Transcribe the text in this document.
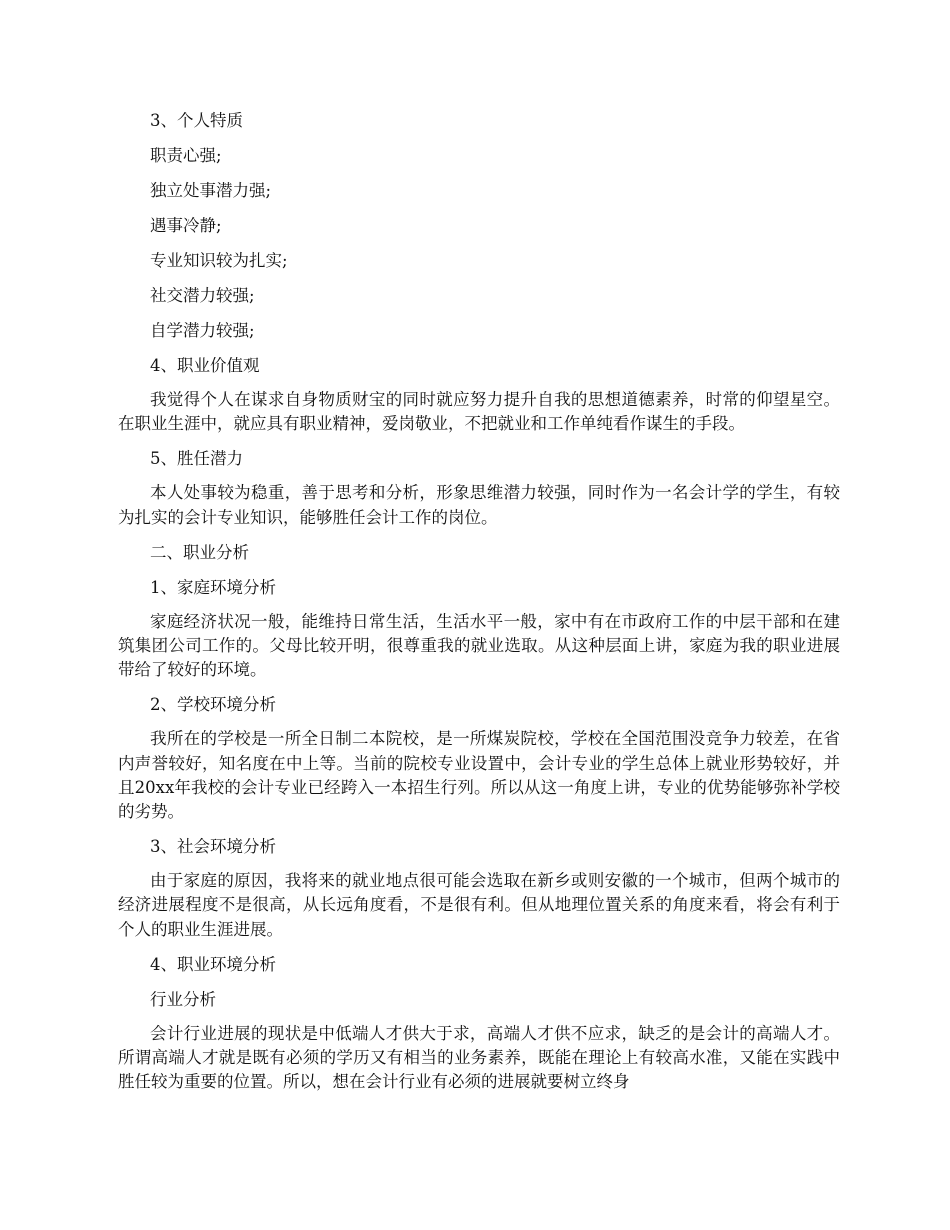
3、个人特质
职责心强;
独立处事潜力强;
遇事冷静;
专业知识较为扎实;
社交潜力较强;
自学潜力较强;
4、职业价值观
我觉得个人在谋求自身物质财宝的同时就应努力提升自我的思想道德素养，时常的仰望星空。在职业生涯中，就应具有职业精神，爱岗敬业，不把就业和工作单纯看作谋生的手段。
5、胜任潜力
本人处事较为稳重，善于思考和分析，形象思维潜力较强，同时作为一名会计学的学生，有较为扎实的会计专业知识，能够胜任会计工作的岗位。
二、职业分析
1、家庭环境分析
家庭经济状况一般，能维持日常生活，生活水平一般，家中有在市政府工作的中层干部和在建筑集团公司工作的。父母比较开明，很尊重我的就业选取。从这种层面上讲，家庭为我的职业进展带给了较好的环境。
2、学校环境分析
我所在的学校是一所全日制二本院校，是一所煤炭院校，学校在全国范围没竞争力较差，在省内声誉较好，知名度在中上等。当前的院校专业设置中，会计专业的学生总体上就业形势较好，并且20xx年我校的会计专业已经跨入一本招生行列。所以从这一角度上讲，专业的优势能够弥补学校的劣势。
3、社会环境分析
由于家庭的原因，我将来的就业地点很可能会选取在新乡或则安徽的一个城市，但两个城市的经济进展程度不是很高，从长远角度看，不是很有利。但从地理位置关系的角度来看，将会有利于个人的职业生涯进展。
4、职业环境分析
行业分析
会计行业进展的现状是中低端人才供大于求，高端人才供不应求，缺乏的是会计的高端人才。所谓高端人才就是既有必须的学历又有相当的业务素养，既能在理论上有较高水准，又能在实践中胜任较为重要的位置。所以，想在会计行业有必须的进展就要树立终身
